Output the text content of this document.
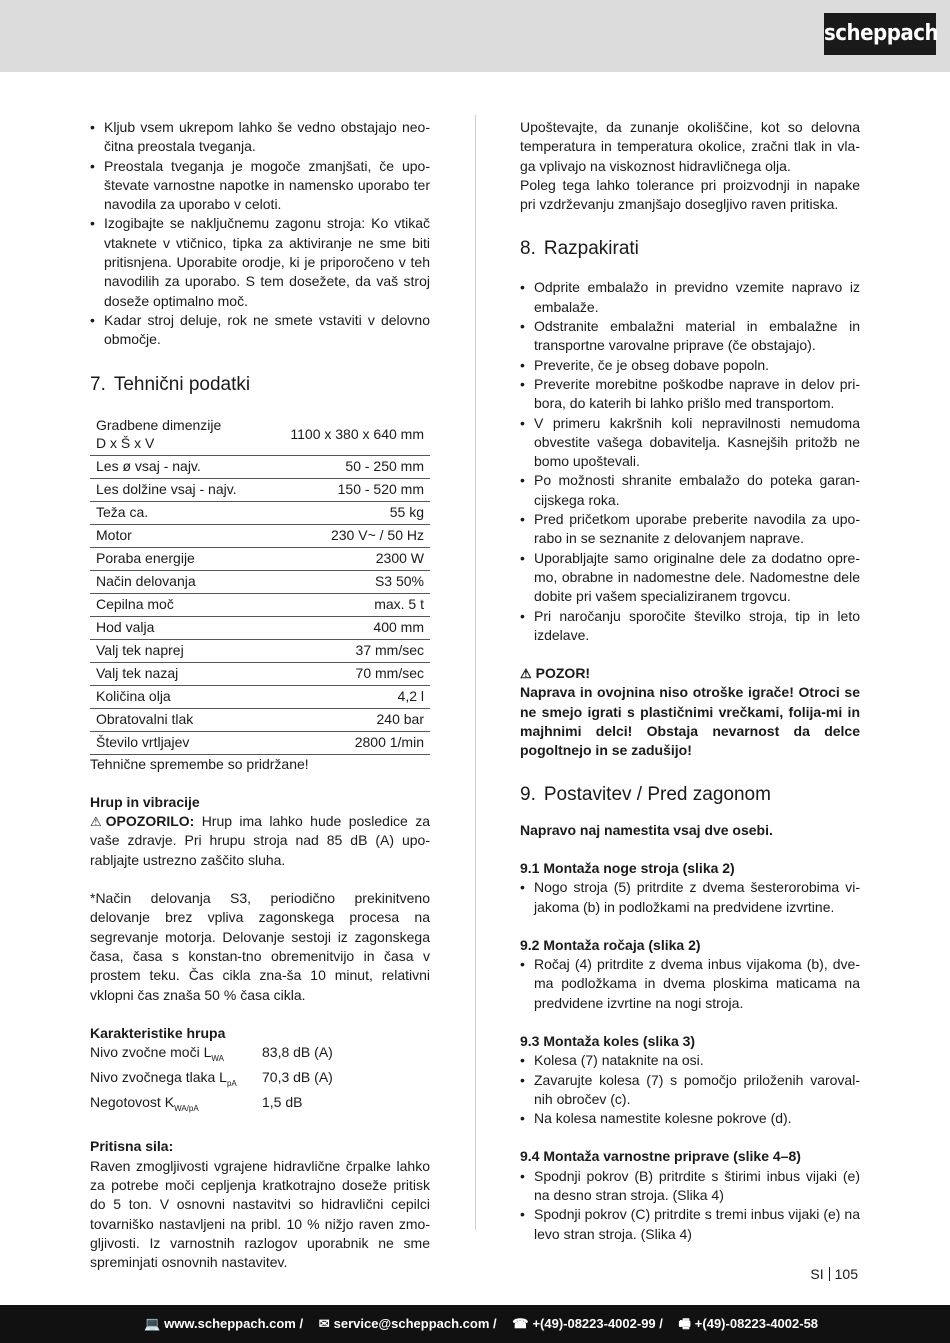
scheppach
• Kljub vsem ukrepom lahko še vedno obstajajo neo-čitna preostala tveganja.
• Preostala tveganja je mogoče zmanjšati, če upo-števate varnostne napotke in namensko uporabo ter navodila za uporabo v celoti.
• Izogibajte se naključnemu zagonu stroja: Ko vtikač vtaknete v vtičnico, tipka za aktiviranje ne sme biti pritisnjena. Uporabite orodje, ki je priporočeno v teh navodilih za uporabo. S tem dosežete, da vaš stroj doseže optimalno moč.
• Kadar stroj deluje, rok ne smete vstaviti v delovno območje.
7. Tehnični podatki
Gradbene dimenzije
D x Š x V	1100 x 380 x 640 mm
Les ø vsaj - najv.	50 - 250 mm
Les dolžine vsaj - najv.	150 - 520 mm
Teža ca.	55 kg
Motor	230 V~ / 50 Hz
Poraba energije	2300 W
Način delovanja	S3 50%
Cepilna moč	max. 5 t
Hod valja	400 mm
Valj tek naprej	37 mm/sec
Valj tek nazaj	70 mm/sec
Količina olja	4,2 l
Obratovalni tlak	240 bar
Število vrtljajev	2800 1/min

Tehnične spremembe so pridržane!

Hrup in vibracije

⚠ OPOZORILO: Hrup ima lahko hude posledice za vaše zdravje. Pri hrupu stroja nad 85 dB (A) upo-rabljajte ustrezno zaščito sluha.

*Način delovanja S3, periodično prekinitveno delovanje brez vpliva zagonskega procesa na segrevanje motorja. Delovanje sestoji iz zagonskega časa, časa s konstan-tno obremenitvijo in časa v prostem teku. Čas cikla zna-ša 10 minut, relativni vklopni čas znaša 50 % časa cikla.

Karakteristike hrupa
Nivo zvočne moči $L_{WA}$	83,8 dB (A)
Nivo zvočnega tlaka $L_{pA}$	70,3 dB (A)
Negotovost $K_{WA/pA}$	1,5 dB
Pritisna sila:

Raven zmogljivosti vgrajene hidravlične črpalke lahko za potrebe moči cepljenja kratkotrajno doseže pritisk do 5 ton. V osnovni nastavitvi so hidravlični cepilci tovarniško nastavljeni na pribl. 10 % nižjo raven zmo-gljivosti. Iz varnostnih razlogov uporabnik ne sme spreminjati osnovnih nastavitev.

Upoštevajte, da zunanje okoliščine, kot so delovna temperatura in temperatura okolice, zračni tlak in vla-ga vplivajo na viskoznost hidravličnega olja.
Poleg tega lahko tolerance pri proizvodnji in napake pri vzdrževanju zmanjšajo dosegljivo raven pritiska.

8. Razpakirati
• Odprite embalažo in previdno vzemite napravo iz embalaže.
• Odstranite embalažni material in embalažne in transportne varovalne priprave (če obstajajo).
• Preverite, če je obseg dobave popoln.
• Preverite morebitne poškodbe naprave in delov pri-bora, do katerih bi lahko prišlo med transportom.
• V primeru kakršnih koli nepravilnosti nemudoma obvestite vašega dobavitelja. Kasnejših pritožb ne bomo upoštevali.
• Po možnosti shranite embalažo do poteka garan-cijskega roka.
• Pred pričetkom uporabe preberite navodila za upo-rabo in se seznanite z delovanjem naprave.
• Uporabljajte samo originalne dele za dodatno opre-mo, obrabne in nadomestne dele. Nadomestne dele dobite pri vašem specializiranem trgovcu.
• Pri naročanju sporočite številko stroja, tip in leto izdelave.
⚠ POZOR!

Naprava in ovojnina niso otroške igrače! Otroci se ne smejo igrati s plastičnimi vrečkami, folija-mi in majhnimi delci! Obstaja nevarnost da delce pogoltnejo in se zadušijo!

9. Postavitev / Pred zagonom
Napravo naj namestita vsaj dve osebi.
9.1 Montaža noge stroja (slika 2)
• Nogo stroja (5) pritrdite z dvema šesterorobima vi-jakoma (b) in podložkami na predvidene izvrtine.
9.2 Montaža ročaja (slika 2)
• Ročaj (4) pritrdite z dvema inbus vijakoma (b), dve-ma podložkama in dvema ploskima maticama na predvidene izvrtine na nogi stroja.
9.3 Montaža koles (slika 3)
• Kolesa (7) nataknite na osi.
• Zavarujte kolesa (7) s pomočjo priloženih varoval-nih obročev (c).
• Na kolesa namestite kolesne pokrove (d).
9.4 Montaža varnostne priprave (slike 4–8)
• Spodnji pokrov (B) pritrdite s štirimi inbus vijaki (e) na desno stran stroja. (Slika 4)
• Spodnji pokrov (C) pritrdite s tremi inbus vijaki (e) na levo stran stroja. (Slika 4)
SI 105
💻 www.scheppach.com / ✉ service@scheppach.com / ☎ +(49)-08223-4002-99 / 🖷 +(49)-08223-4002-58
